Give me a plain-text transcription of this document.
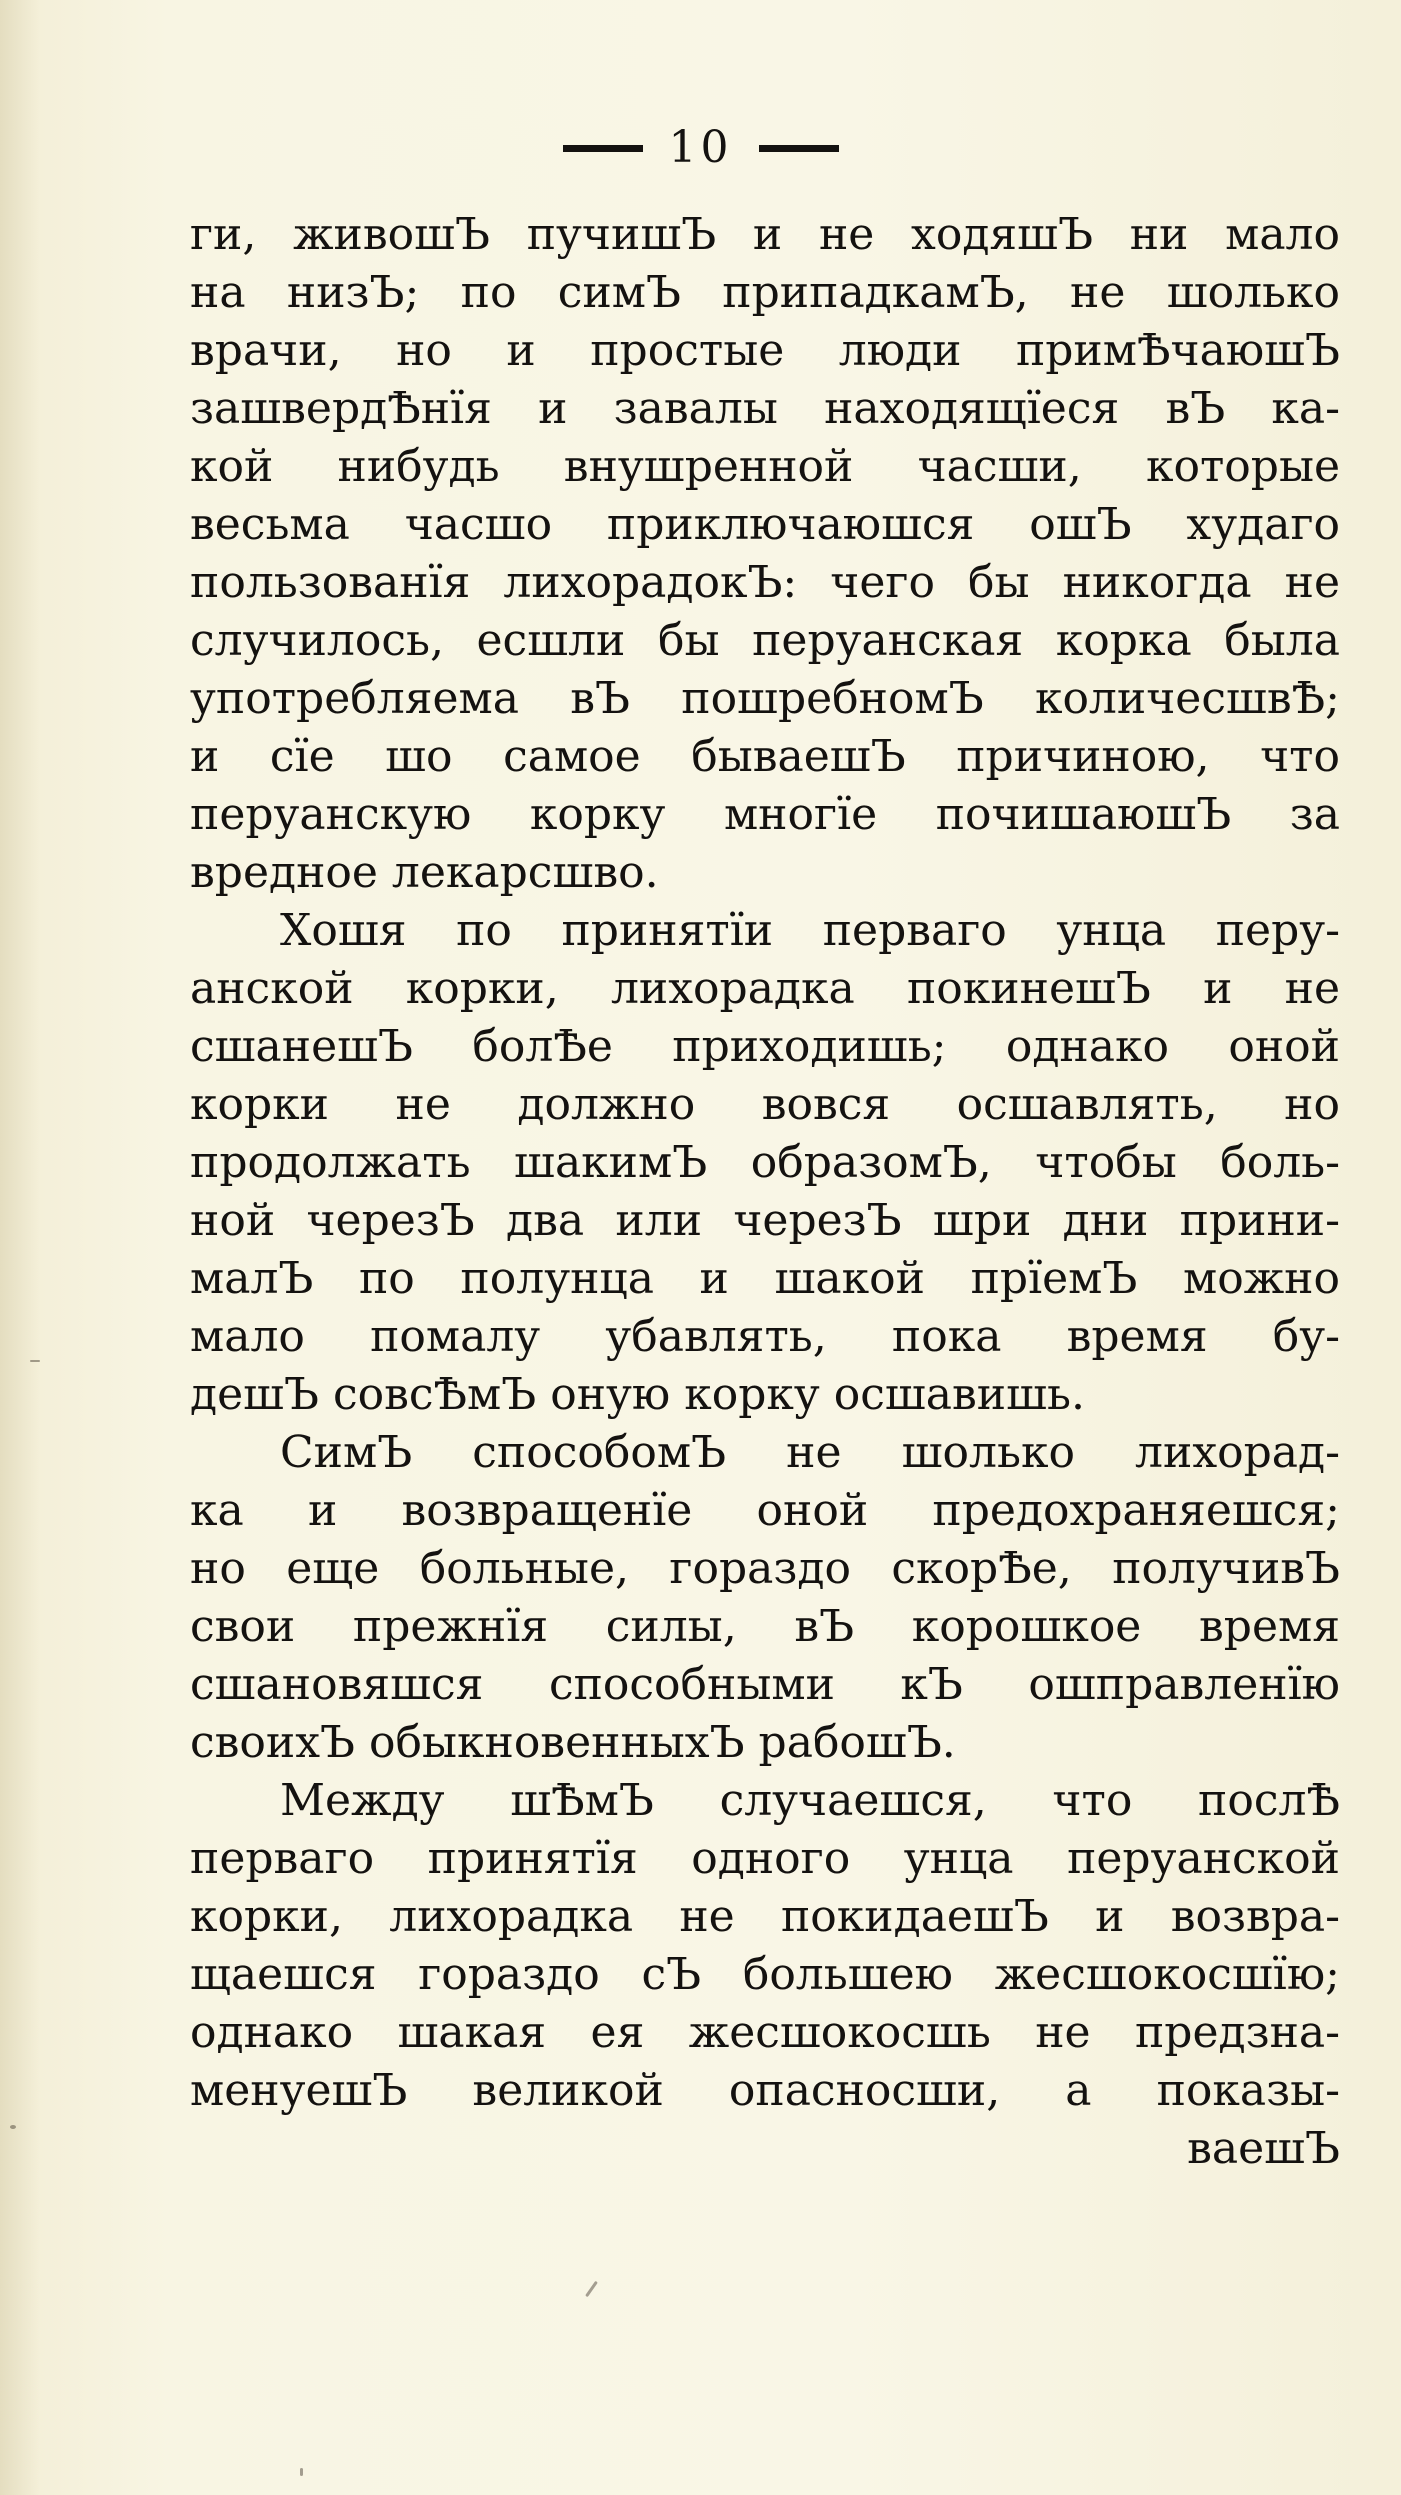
10
ги, живошЪ пучишЪ и не ходяшЪ ни мало
на низЪ; по симЪ припадкамЪ, не шолько
врачи, но и простые люди примѢчаюшЪ
зашвердѢнїя и завалы находящїеся вЪ ка-
кой нибудь внушренной часши, которые
весьма часшо приключаюшся ошЪ худаго
пользованїя лихорадокЪ: чего бы никогда не
случилось, есшли бы перуанская корка была
употребляема вЪ пошребномЪ количесшвѢ;
и сїе шо самое бываешЪ причиною, что
перуанскую корку многїе почишаюшЪ за
вредное лекарсшво.
Хошя по принятїи перваго унца перу-
анской корки, лихорадка покинешЪ и не
сшанешЪ болѢе приходишь; однако оной
корки не должно вовся осшавлять, но
продолжать шакимЪ образомЪ, чтобы боль-
ной черезЪ два или черезЪ шри дни прини-
малЪ по полунца и шакой прїемЪ можно
мало помалу убавлять, пока время бу-
дешЪ совсѢмЪ оную корку осшавишь.
СимЪ способомЪ не шолько лихорад-
ка и возвращенїе оной предохраняешся;
но еще больные, гораздо скорѢе, получивЪ
свои прежнїя силы, вЪ корошкое время
сшановяшся способными кЪ ошправленїю
своихЪ обыкновенныхЪ рабошЪ.
Между шѢмЪ случаешся, что послѢ
перваго принятїя одного унца перуанской
корки, лихорадка не покидаешЪ и возвра-
щаешся гораздо сЪ большею жесшокосшїю;
однако шакая ея жесшокосшь не предзна-
менуешЪ великой опасносши, а показы-
ваешЪ
